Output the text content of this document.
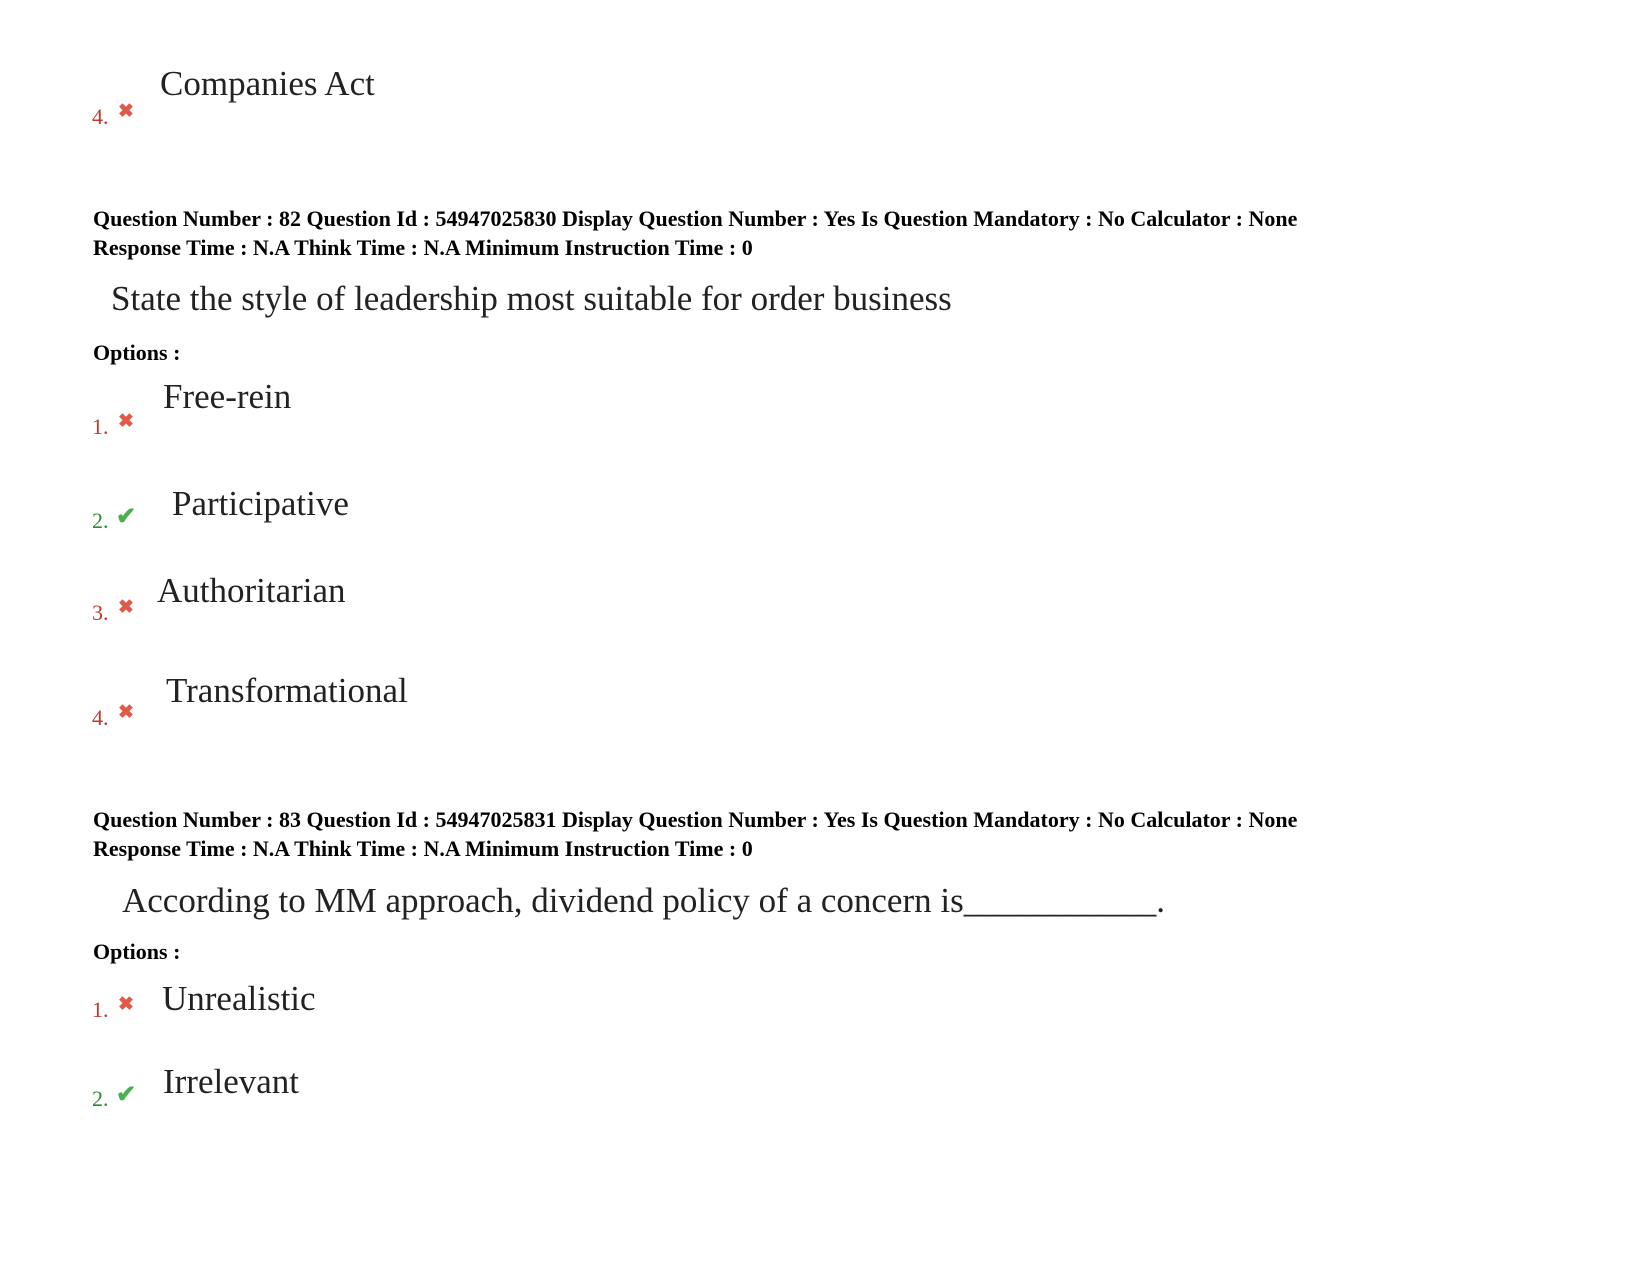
Companies Act
4. ✖
Question Number : 82 Question Id : 54947025830 Display Question Number : Yes Is Question Mandatory : No Calculator : None
Response Time : N.A Think Time : N.A Minimum Instruction Time : 0
State the style of leadership most suitable for order business
Options :
Free-rein
1. ✖
Participative
2. ✔
Authoritarian
3. ✖
Transformational
4. ✖
Question Number : 83 Question Id : 54947025831 Display Question Number : Yes Is Question Mandatory : No Calculator : None
Response Time : N.A Think Time : N.A Minimum Instruction Time : 0
According to MM approach, dividend policy of a concern is___________.
Options :
Unrealistic
1. ✖
Irrelevant
2. ✔
